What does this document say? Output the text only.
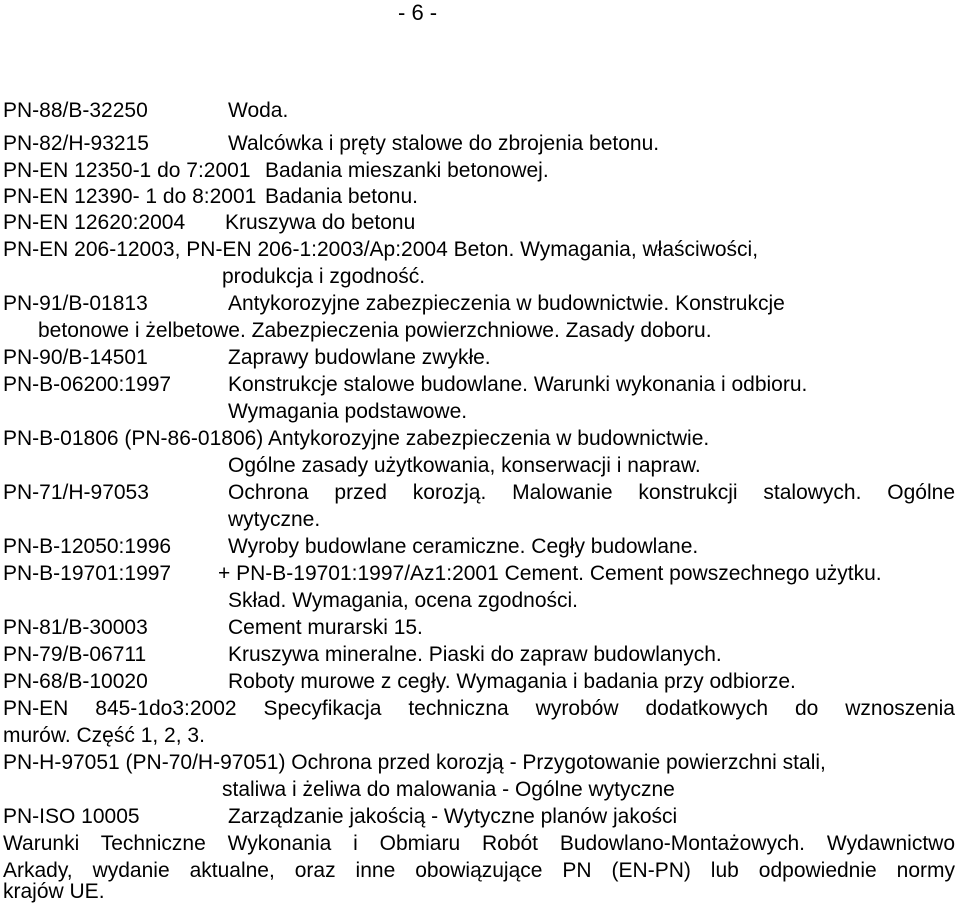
- 6 -
PN-88/B-32250	Woda.
PN-82/H-93215	Walcówka i pręty stalowe do zbrojenia betonu.
PN-EN 12350-1 do 7:2001 Badania mieszanki betonowej.
PN-EN 12390- 1 do 8:2001 Badania betonu.
PN-EN 12620:2004 Kruszywa do betonu
PN-EN 206-12003, PN-EN 206-1:2003/Ap:2004 Beton. Wymagania, właściwości,
produkcja i zgodność.
PN-91/B-01813	Antykorozyjne zabezpieczenia w budownictwie. Konstrukcje
betonowe i żelbetowe. Zabezpieczenia powierzchniowe. Zasady doboru.
PN-90/B-14501	Zaprawy budowlane zwykłe.
PN-B-06200:1997	Konstrukcje stalowe budowlane. Warunki wykonania i odbioru.
Wymagania podstawowe.
PN-B-01806 (PN-86-01806) Antykorozyjne zabezpieczenia w budownictwie.
Ogólne zasady użytkowania, konserwacji i napraw.
PN-71/H-97053	Ochrona przed korozją. Malowanie konstrukcji stalowych. Ogólne
wytyczne.
PN-B-12050:1996	Wyroby budowlane ceramiczne. Cegły budowlane.
PN-B-19701:1997 + PN-B-19701:1997/Az1:2001 Cement. Cement powszechnego użytku.
Skład. Wymagania, ocena zgodności.
PN-81/B-30003	Cement murarski 15.
PN-79/B-06711	Kruszywa mineralne. Piaski do zapraw budowlanych.
PN-68/B-10020	Roboty murowe z cegły. Wymagania i badania przy odbiorze.
PN-EN 845-1do3:2002 Specyfikacja techniczna wyrobów dodatkowych do wznoszenia
murów. Część 1, 2, 3.
PN-H-97051 (PN-70/H-97051) Ochrona przed korozją - Przygotowanie powierzchni stali,
staliwa i żeliwa do malowania - Ogólne wytyczne
PN-ISO 10005	Zarządzanie jakością - Wytyczne planów jakości
Warunki Techniczne Wykonania i Obmiaru Robót Budowlano-Montażowych. Wydawnictwo
Arkady, wydanie aktualne, oraz inne obowiązujące PN (EN-PN) lub odpowiednie normy
krajów UE.
